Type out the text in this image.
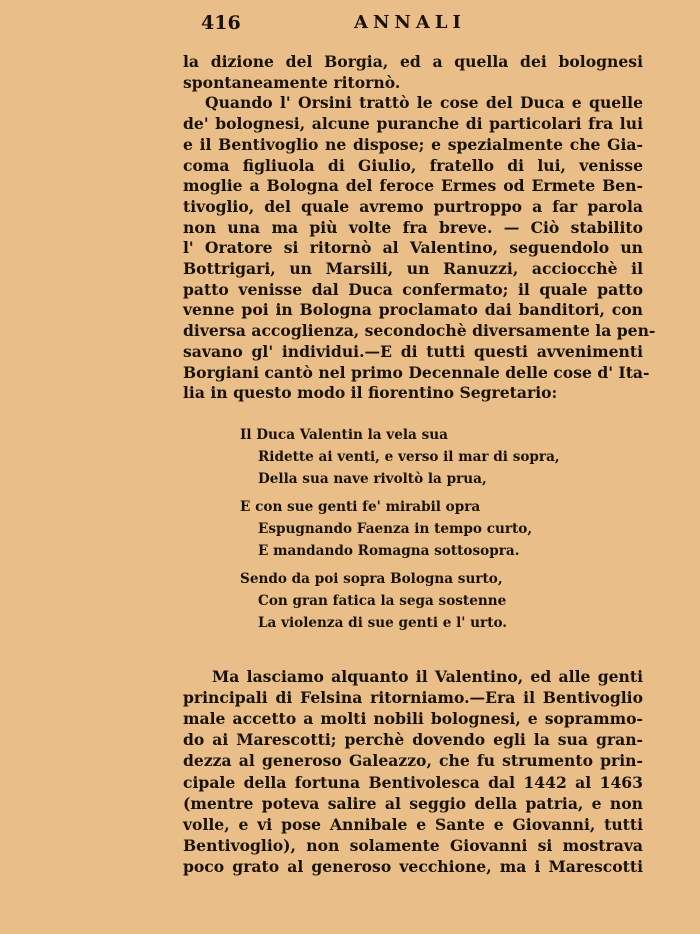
416	ANNALI
la dizione del Borgia, ed a quella dei bolognesi
spontaneamente ritornò.
Quando l' Orsini trattò le cose del Duca e quelle
de' bolognesi, alcune puranche di particolari fra lui
e il Bentivoglio ne dispose; e spezialmente che Gia-
coma figliuola di Giulio, fratello di lui, venisse
moglie a Bologna del feroce Ermes od Ermete Ben-
tivoglio, del quale avremo purtroppo a far parola
non una ma più volte fra breve. — Ciò stabilito
l' Oratore si ritornò al Valentino, seguendolo un
Bottrigari, un Marsili, un Ranuzzi, acciocchè il
patto venisse dal Duca confermato; il quale patto
venne poi in Bologna proclamato dai banditori, con
diversa accoglienza, secondochè diversamente la pen-
savano gl' individui.—E di tutti questi avvenimenti
Borgiani cantò nel primo Decennale delle cose d' Ita-
lia in questo modo il fiorentino Segretario:
Il Duca Valentin la vela sua
Ridette ai venti, e verso il mar di sopra,
Della sua nave rivoltò la prua,
E con sue genti fe' mirabil opra
Espugnando Faenza in tempo curto,
E mandando Romagna sottosopra.
Sendo da poi sopra Bologna surto,
Con gran fatica la sega sostenne
La violenza di sue genti e l' urto.
Ma lasciamo alquanto il Valentino, ed alle genti
principali di Felsina ritorniamo.—Era il Bentivoglio
male accetto a molti nobili bolognesi, e soprammo-
do ai Marescotti; perchè dovendo egli la sua gran-
dezza al generoso Galeazzo, che fu strumento prin-
cipale della fortuna Bentivolesca dal 1442 al 1463
(mentre poteva salire al seggio della patria, e non
volle, e vi pose Annibale e Sante e Giovanni, tutti
Bentivoglio), non solamente Giovanni si mostrava
poco grato al generoso vecchione, ma i Marescotti
